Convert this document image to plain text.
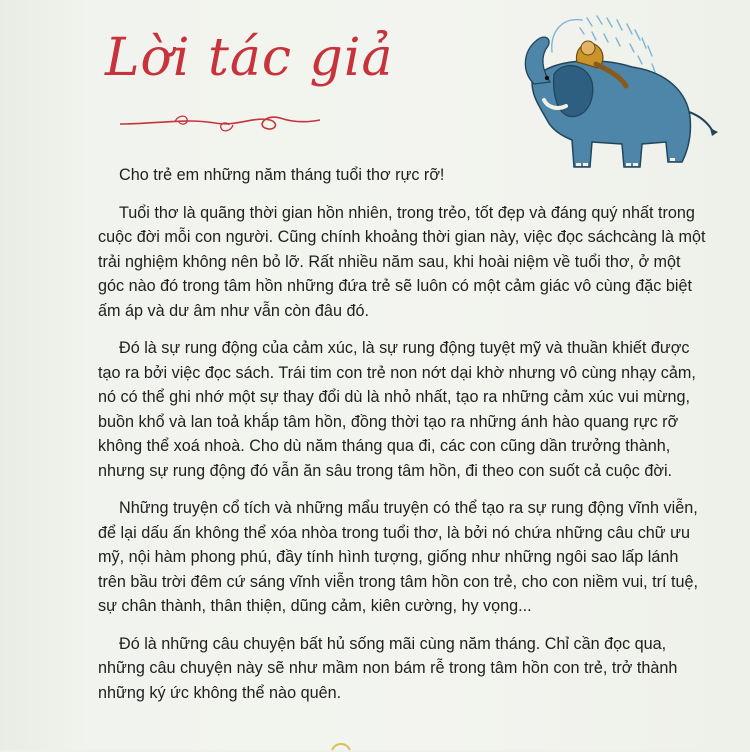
Lời tác giả

Cho trẻ em những năm tháng tuổi thơ rực rỡ!

Tuổi thơ là quãng thời gian hồn nhiên, trong trẻo, tốt đẹp và đáng quý nhất trong cuộc đời mỗi con người. Cũng chính khoảng thời gian này, việc đọc sáchcàng là một trải nghiệm không nên bỏ lỡ. Rất nhiều năm sau, khi hoài niệm về tuổi thơ, ở một góc nào đó trong tâm hồn những đứa trẻ sẽ luôn có một cảm giác vô cùng đặc biệt ấm áp và dư âm như vẫn còn đâu đó.

Đó là sự rung động của cảm xúc, là sự rung động tuyệt mỹ và thuần khiết được tạo ra bởi việc đọc sách. Trái tim con trẻ non nớt dại khờ nhưng vô cùng nhạy cảm, nó có thể ghi nhớ một sự thay đổi dù là nhỏ nhất, tạo ra những cảm xúc vui mừng, buồn khổ và lan toả khắp tâm hồn, đồng thời tạo ra những ánh hào quang rực rỡ không thể xoá nhoà. Cho dù năm tháng qua đi, các con cũng dần trưởng thành, nhưng sự rung động đó vẫn ăn sâu trong tâm hồn, đi theo con suốt cả cuộc đời.

Những truyện cổ tích và những mẩu truyện có thể tạo ra sự rung động vĩnh viễn, để lại dấu ấn không thể xóa nhòa trong tuổi thơ, là bởi nó chứa những câu chữ ưu mỹ, nội hàm phong phú, đầy tính hình tượng, giống như những ngôi sao lấp lánh trên bầu trời đêm cứ sáng vĩnh viễn trong tâm hồn con trẻ, cho con niềm vui, trí tuệ, sự chân thành, thân thiện, dũng cảm, kiên cường, hy vọng...

Đó là những câu chuyện bất hủ sống mãi cùng năm tháng. Chỉ cần đọc qua, những câu chuyện này sẽ như mầm non bám rễ trong tâm hồn con trẻ, trở thành những ký ức không thể nào quên.
